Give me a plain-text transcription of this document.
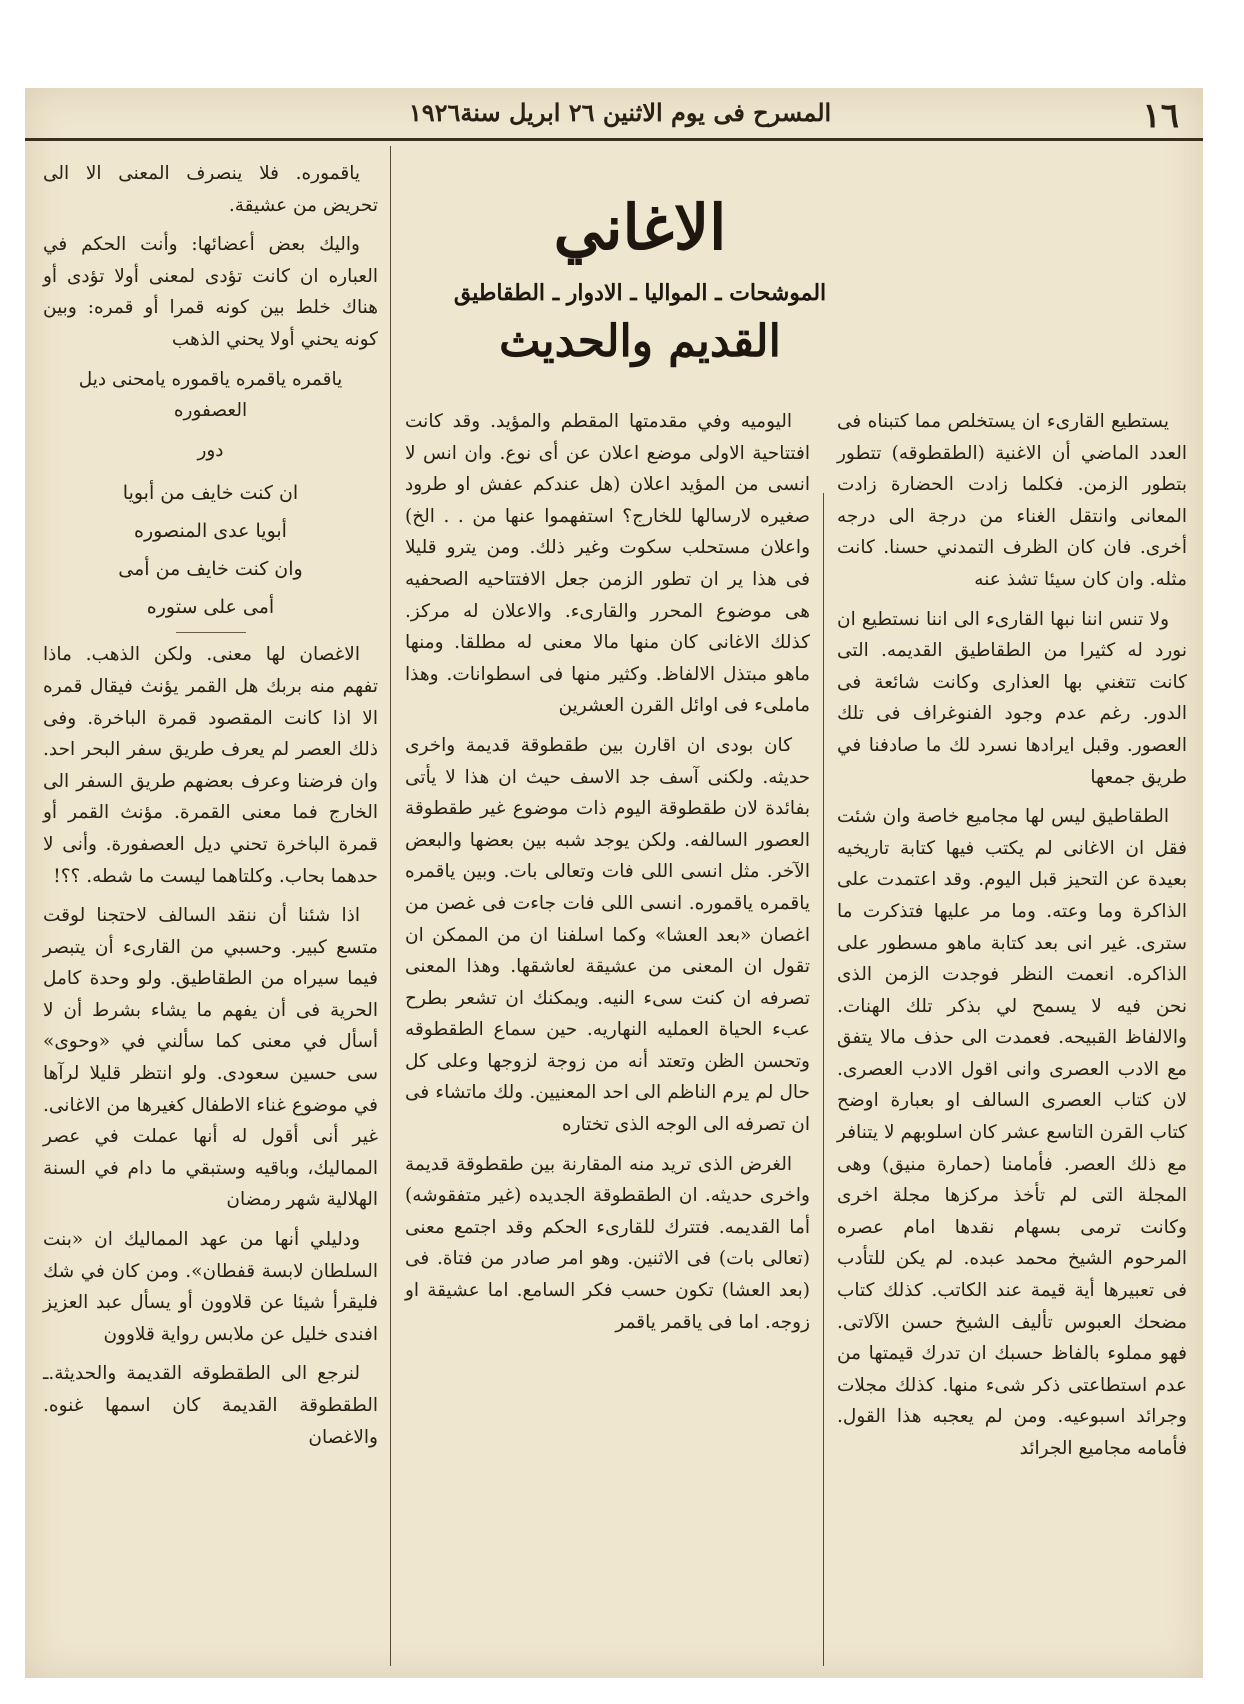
١٦
المسرح فى يوم الاثنين ٢٦ ابريل سنة١٩٢٦
الاغاني
الموشحات ـ المواليا ـ الادوار ـ الطقاطيق
القديم والحديث

يستطيع القارىء ان يستخلص مما كتبناه فى العدد الماضي أن الاغنية (الطقطوقه) تتطور بتطور الزمن. فكلما زادت الحضارة زادت المعانى وانتقل الغناء من درجة الى درجه أخرى. فان كان الظرف التمدني حسنا. كانت مثله. وان كان سيئا تشذ عنه

ولا تنس اننا نبها القارىء الى اننا نستطيع ان نورد له كثيرا من الطقاطيق القديمه. التى كانت تتغني بها العذارى وكانت شائعة فى الدور. رغم عدم وجود الفنوغراف فى تلك العصور. وقبل ايرادها نسرد لك ما صادفنا في طريق جمعها

الطقاطيق ليس لها مجاميع خاصة وان شئت فقل ان الاغانى لم يكتب فيها كتابة تاريخيه بعيدة عن التحيز قبل اليوم. وقد اعتمدت على الذاكرة وما وعته. وما مر عليها فتذكرت ما سترى. غير انى بعد كتابة ماهو مسطور على الذاكره. انعمت النظر فوجدت الزمن الذى نحن فيه لا يسمح لي بذكر تلك الهنات. والالفاظ القبيحه. فعمدت الى حذف مالا يتفق مع الادب العصرى وانى اقول الادب العصرى. لان كتاب العصرى السالف او بعبارة اوضح كتاب القرن التاسع عشر كان اسلوبهم لا يتنافر مع ذلك العصر. فأمامنا (حمارة منيق) وهى المجلة التى لم تأخذ مركزها مجلة اخرى وكانت ترمى بسهام نقدها امام عصره المرحوم الشيخ محمد عبده. لم يكن للتأدب فى تعبيرها أية قيمة عند الكاتب. كذلك كتاب مضحك العبوس تأليف الشيخ حسن الآلاتى. فهو مملوء بالفاظ حسبك ان تدرك قيمتها من عدم استطاعتى ذكر شىء منها. كذلك مجلات وجرائد اسبوعيه. ومن لم يعجبه هذا القول. فأمامه مجاميع الجرائد

اليوميه وفي مقدمتها المقطم والمؤيد. وقد كانت افتتاحية الاولى موضع اعلان عن أى نوع. وان انس لا انسى من المؤيد اعلان (هل عندكم عفش او طرود صغيره لارسالها للخارج؟ استفهموا عنها من . . الخ) واعلان مستحلب سكوت وغير ذلك. ومن يترو قليلا فى هذا ير ان تطور الزمن جعل الافتتاحيه الصحفيه هى موضوع المحرر والقارىء. والاعلان له مركز. كذلك الاغانى كان منها مالا معنى له مطلقا. ومنها ماهو مبتذل الالفاظ. وكثير منها فى اسطوانات. وهذا ماملىء فى اوائل القرن العشرين

كان بودى ان اقارن بين طقطوقة قديمة واخرى حديثه. ولكنى آسف جد الاسف حيث ان هذا لا يأتى بفائدة لان طقطوقة اليوم ذات موضوع غير طقطوقة العصور السالفه. ولكن يوجد شبه بين بعضها والبعض الآخر. مثل انسى اللى فات وتعالى بات. وبين ياقمره ياقمره ياقموره. انسى اللى فات جاءت فى غصن من اغصان «بعد العشا» وكما اسلفنا ان من الممكن ان تقول ان المعنى من عشيقة لعاشقها. وهذا المعنى تصرفه ان كنت سىء النيه. ويمكنك ان تشعر بطرح عبء الحياة العمليه النهاريه. حين سماع الطقطوقه وتحسن الظن وتعتد أنه من زوجة لزوجها وعلى كل حال لم يرم الناظم الى احد المعنيين. ولك ماتشاء فى ان تصرفه الى الوجه الذى تختاره

الغرض الذى تريد منه المقارنة بين طقطوقة قديمة واخرى حديثه. ان الطقطوقة الجديده (غير متفقوشه) أما القديمه. فتترك للقارىء الحكم وقد اجتمع معنى (تعالى بات) فى الاثنين. وهو امر صادر من فتاة. فى (بعد العشا) تكون حسب فكر السامع. اما عشيقة او زوجه. اما فى ياقمر ياقمر

ياقموره. فلا ينصرف المعنى الا الى تحريض من عشيقة.

واليك بعض أعضائها: وأنت الحكم في العباره ان كانت تؤدى لمعنى أولا تؤدى أو هناك خلط بين كونه قمرا أو قمره: وبين كونه يحني أولا يحني الذهب

ياقمره ياقمره ياقموره يامحنى ديل العصفوره

دور

ان كنت خايف من أبويا

أبويا عدى المنصوره

وان كنت خايف من أمى

أمى على ستوره

الاغصان لها معنى. ولكن الذهب. ماذا تفهم منه بربك هل القمر يؤنث فيقال قمره الا اذا كانت المقصود قمرة الباخرة. وفى ذلك العصر لم يعرف طريق سفر البحر احد. وان فرضنا وعرف بعضهم طريق السفر الى الخارج فما معنى القمرة. مؤنث القمر أو قمرة الباخرة تحني ديل العصفورة. وأنى لا حدهما بحاب. وكلتاهما ليست ما شطه. ؟؟!

اذا شئنا أن ننقد السالف لاحتجنا لوقت متسع كبير. وحسبي من القارىء أن يتبصر فيما سيراه من الطقاطيق. ولو وحدة كامل الحرية فى أن يفهم ما يشاء بشرط أن لا أسأل في معنى كما سألني في «وحوى» سى حسين سعودى. ولو انتظر قليلا لرآها في موضوع غناء الاطفال كغيرها من الاغانى. غير أنى أقول له أنها عملت في عصر المماليك، وباقيه وستبقي ما دام في السنة الهلالية شهر رمضان

ودليلي أنها من عهد المماليك ان «بنت السلطان لابسة قفطان». ومن كان في شك فليقرأ شيئا عن قلاوون أو يسأل عبد العزيز افندى خليل عن ملابس رواية قلاوون

لنرجع الى الطقطوقه القديمة والحديثة.ـ الطقطوقة القديمة كان اسمها غنوه. والاغصان
